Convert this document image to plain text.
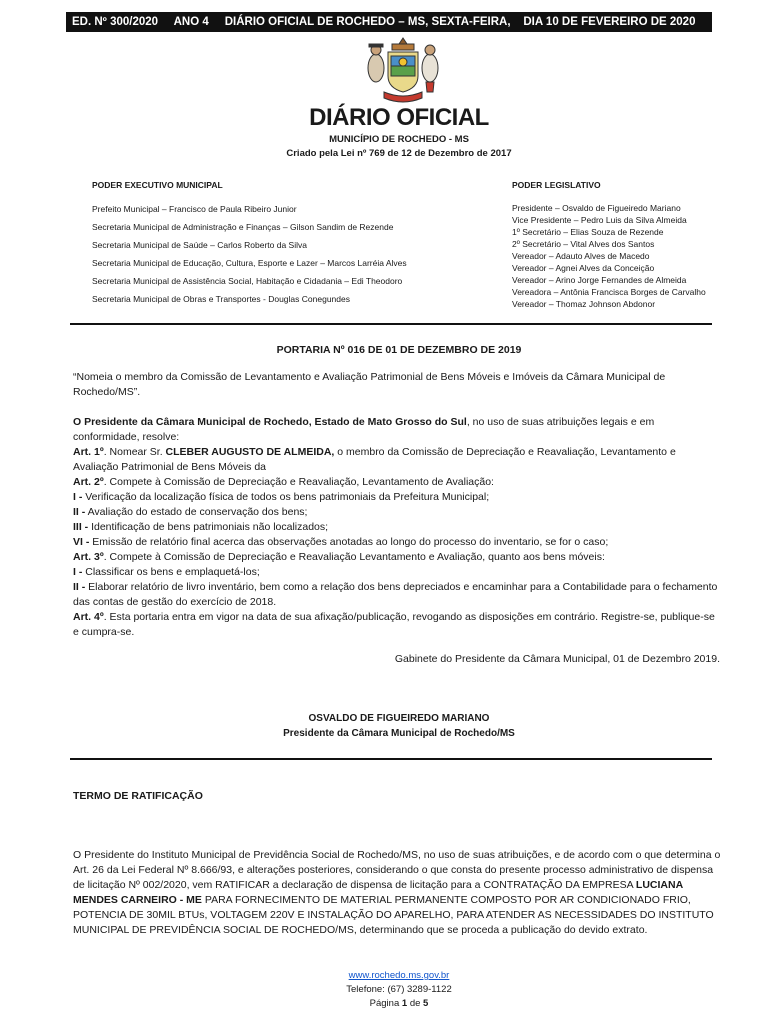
ED. Nº 300/2020 ANO 4 DIÁRIO OFICIAL DE ROCHEDO – MS, SEXTA-FEIRA, DIA 10 DE FEVEREIRO DE 2020
DIÁRIO OFICIAL
MUNICÍPIO DE ROCHEDO - MS
Criado pela Lei nº 769 de 12 de Dezembro de 2017
PODER EXECUTIVO MUNICIPAL
Prefeito Municipal – Francisco de Paula Ribeiro Junior
Secretaria Municipal de Administração e Finanças – Gilson Sandim de Rezende
Secretaria Municipal de Saúde – Carlos Roberto da Silva
Secretaria Municipal de Educação, Cultura, Esporte e Lazer – Marcos Larréia Alves
Secretaria Municipal de Assistência Social, Habitação e Cidadania – Edi Theodoro
Secretaria Municipal de Obras e Transportes - Douglas Conegundes
PODER LEGISLATIVO
Presidente – Osvaldo de Figueiredo Mariano
Vice Presidente – Pedro Luis da Silva Almeida
1º Secretário – Elias Souza de Rezende
2º Secretário – Vital Alves dos Santos
Vereador – Adauto Alves de Macedo
Vereador – Agnei Alves da Conceição
Vereador – Arino Jorge Fernandes de Almeida
Vereadora – Antônia Francisca Borges de Carvalho
Vereador – Thomaz Johnson Abdonor
PORTARIA Nº 016 DE 01 DE DEZEMBRO DE 2019
“Nomeia o membro da Comissão de Levantamento e Avaliação Patrimonial de Bens Móveis e Imóveis da Câmara Municipal de Rochedo/MS”.

O Presidente da Câmara Municipal de Rochedo, Estado de Mato Grosso do Sul, no uso de suas atribuições legais e em conformidade, resolve:

Art. 1º. Nomear Sr. CLEBER AUGUSTO DE ALMEIDA, o membro da Comissão de Depreciação e Reavaliação, Levantamento e Avaliação Patrimonial de Bens Móveis da

Art. 2º. Compete à Comissão de Depreciação e Reavaliação, Levantamento de Avaliação:

I - Verificação da localização física de todos os bens patrimoniais da Prefeitura Municipal;

II - Avaliação do estado de conservação dos bens;

III - Identificação de bens patrimoniais não localizados;

VI - Emissão de relatório final acerca das observações anotadas ao longo do processo do inventario, se for o caso;

Art. 3º. Compete à Comissão de Depreciação e Reavaliação Levantamento e Avaliação, quanto aos bens móveis:

I - Classificar os bens e emplaquetá-los;

II - Elaborar relatório de livro inventário, bem como a relação dos bens depreciados e encaminhar para a Contabilidade para o fechamento das contas de gestão do exercício de 2018.

Art. 4º. Esta portaria entra em vigor na data de sua afixação/publicação, revogando as disposições em contrário. Registre-se, publique-se e cumpra-se.

Gabinete do Presidente da Câmara Municipal, 01 de Dezembro 2019.
OSVALDO DE FIGUEIREDO MARIANO
Presidente da Câmara Municipal de Rochedo/MS
TERMO DE RATIFICAÇÃO
O Presidente do Instituto Municipal de Previdência Social de Rochedo/MS, no uso de suas atribuições, e de acordo com o que determina o Art. 26 da Lei Federal Nº 8.666/93, e alterações posteriores, considerando o que consta do presente processo administrativo de dispensa de licitação Nº 002/2020, vem RATIFICAR a declaração de dispensa de licitação para a CONTRATAÇÃO DA EMPRESA LUCIANA MENDES CARNEIRO - ME PARA FORNECIMENTO DE MATERIAL PERMANENTE COMPOSTO POR AR CONDICIONADO FRIO, POTENCIA DE 30MIL BTUs, VOLTAGEM 220V E INSTALAÇÃO DO APARELHO, PARA ATENDER AS NECESSIDADES DO INSTITUTO MUNICIPAL DE PREVIDÊNCIA SOCIAL DE ROCHEDO/MS, determinando que se proceda a publicação do devido extrato.
www.rochedo.ms.gov.br
Telefone: (67) 3289-1122
Página 1 de 5
